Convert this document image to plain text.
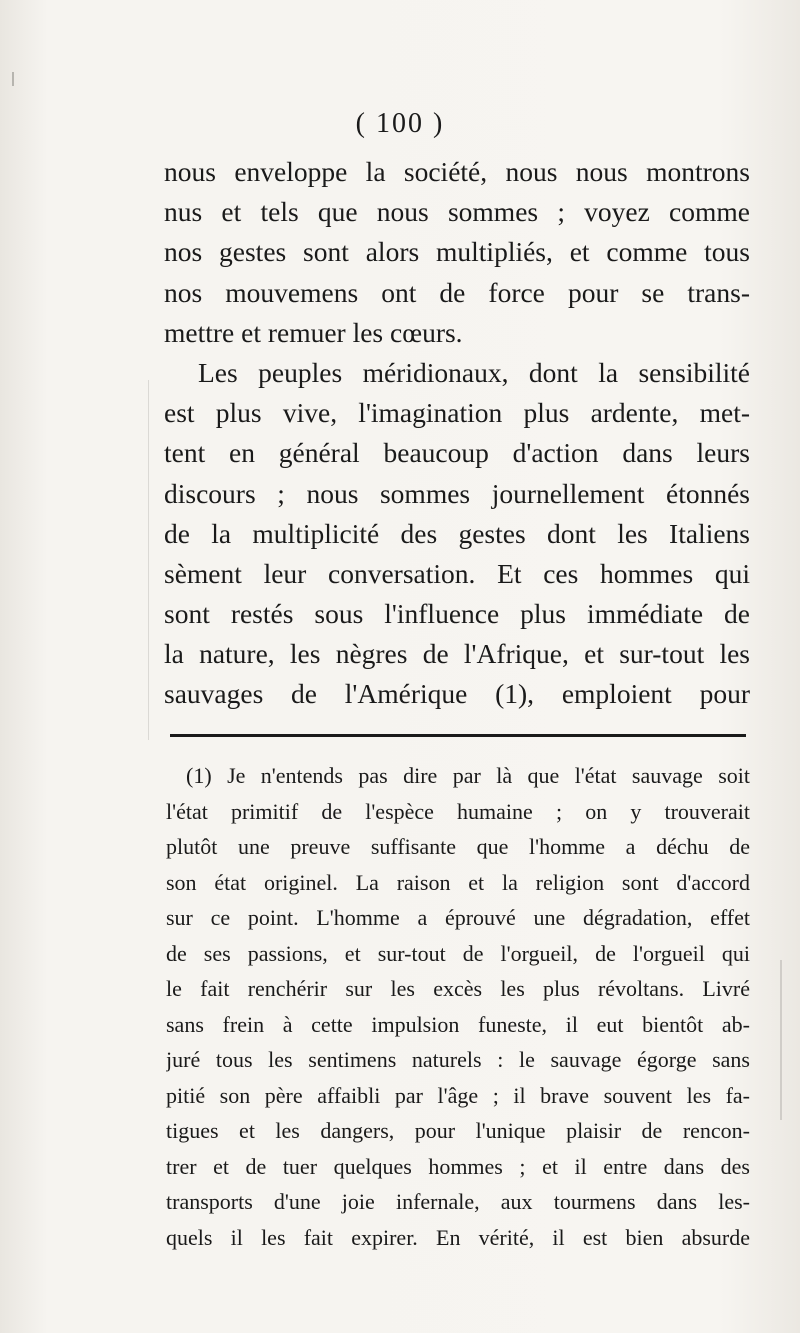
( 100 )
nous enveloppe la société, nous nous montrons
nus et tels que nous sommes ; voyez comme
nos gestes sont alors multipliés, et comme tous
nos mouvemens ont de force pour se trans-
mettre et remuer les cœurs.
Les peuples méridionaux, dont la sensibilité
est plus vive, l'imagination plus ardente, met-
tent en général beaucoup d'action dans leurs
discours ; nous sommes journellement étonnés
de la multiplicité des gestes dont les Italiens
sèment leur conversation. Et ces hommes qui
sont restés sous l'influence plus immédiate de
la nature, les nègres de l'Afrique, et sur-tout les
sauvages de l'Amérique (1), emploient pour
(1) Je n'entends pas dire par là que l'état sauvage soit
l'état primitif de l'espèce humaine ; on y trouverait
plutôt une preuve suffisante que l'homme a déchu de
son état originel. La raison et la religion sont d'accord
sur ce point. L'homme a éprouvé une dégradation, effet
de ses passions, et sur-tout de l'orgueil, de l'orgueil qui
le fait renchérir sur les excès les plus révoltans. Livré
sans frein à cette impulsion funeste, il eut bientôt ab-
juré tous les sentimens naturels : le sauvage égorge sans
pitié son père affaibli par l'âge ; il brave souvent les fa-
tigues et les dangers, pour l'unique plaisir de rencon-
trer et de tuer quelques hommes ; et il entre dans des
transports d'une joie infernale, aux tourmens dans les-
quels il les fait expirer. En vérité, il est bien absurde
